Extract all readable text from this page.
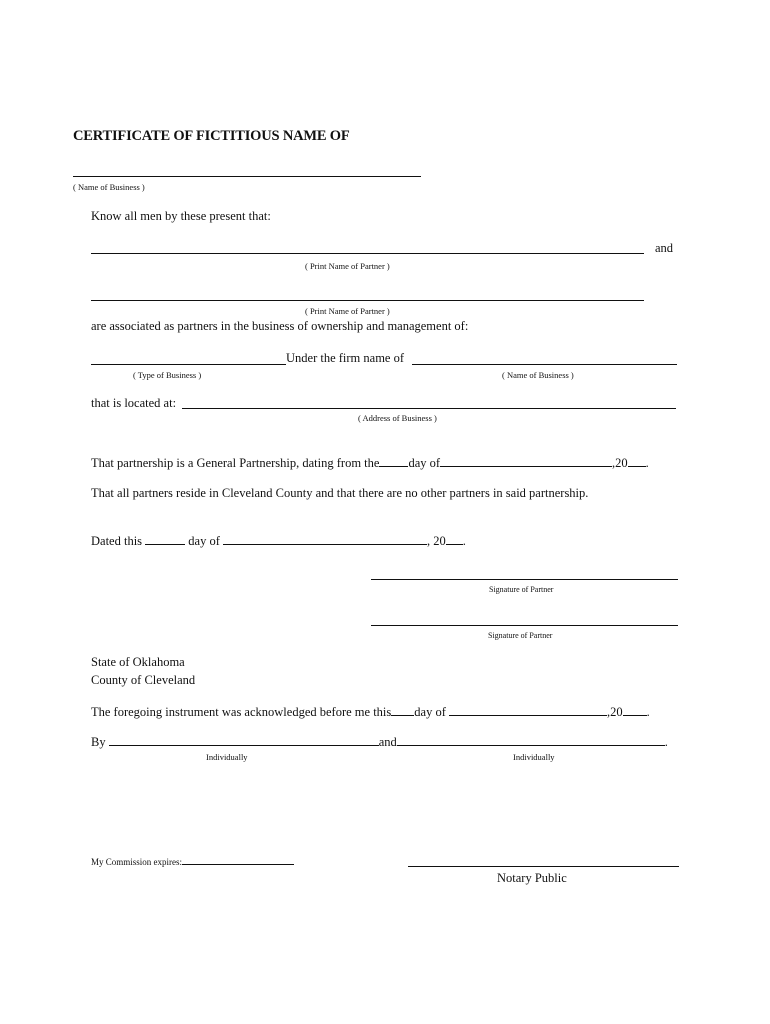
CERTIFICATE OF FICTITIOUS NAME OF
( Name of Business )
Know all men by these present that:
and
( Print Name of Partner )
( Print Name of Partner )
are associated as partners in the business of ownership and management of:
Under the firm name of
( Type of Business )	( Name of Business )
that is located at:
( Address of Business )
That partnership is a General Partnership, dating from the day of	,20 .
That all partners reside in Cleveland County and that there are no other partners in said partnership.
Dated this	day of	, 20 .
Signature of Partner
Signature of Partner
State of Oklahoma
County of Cleveland
The foregoing instrument was acknowledged before me this day of	,20 .
By	and	.
Individually	Individually
My Commission expires:
Notary Public
